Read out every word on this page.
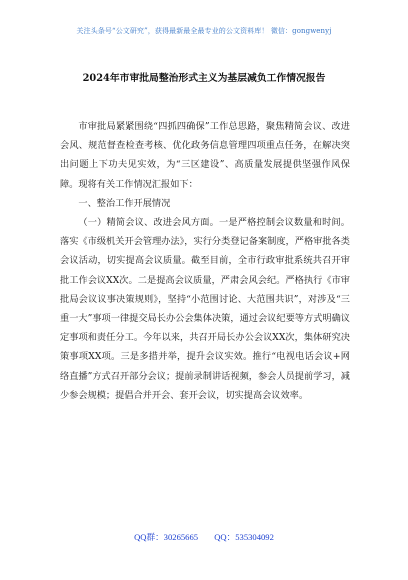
关注头条号“公文研究”，获得最新最全最专业的公文资料库！ 微信：gongwenyj
2024年市审批局整治形式主义为基层减负工作情况报告

市审批局紧紧围绕“四抓四确保”工作总思路，聚焦精简会议、改进会风、规范督查检查考核、优化政务信息管理四项重点任务，在解决突出问题上下功夫见实效，为“三区建设”、高质量发展提供坚强作风保障。现将有关工作情况汇报如下：

一、整治工作开展情况

（一）精简会议、改进会风方面。一是严格控制会议数量和时间。落实《市级机关开会管理办法》，实行分类登记备案制度，严格审批各类会议活动，切实提高会议质量。截至目前，全市行政审批系统共召开审批工作会议XX次。二是提高会议质量，严肃会风会纪。严格执行《市审批局会议议事决策规则》，坚持“小范围讨论、大范围共识”，对涉及“三重一大”事项一律提交局长办公会集体决策，通过会议纪要等方式明确议定事项和责任分工。今年以来，共召开局长办公会议XX次，集体研究决策事项XX项。三是多措并举，提升会议实效。推行“电视电话会议+网络直播”方式召开部分会议；提前录制讲话视频，参会人员提前学习，减少参会规模；提倡合并开会、套开会议，切实提高会议效率。

QQ群：30265665 QQ：535304092
